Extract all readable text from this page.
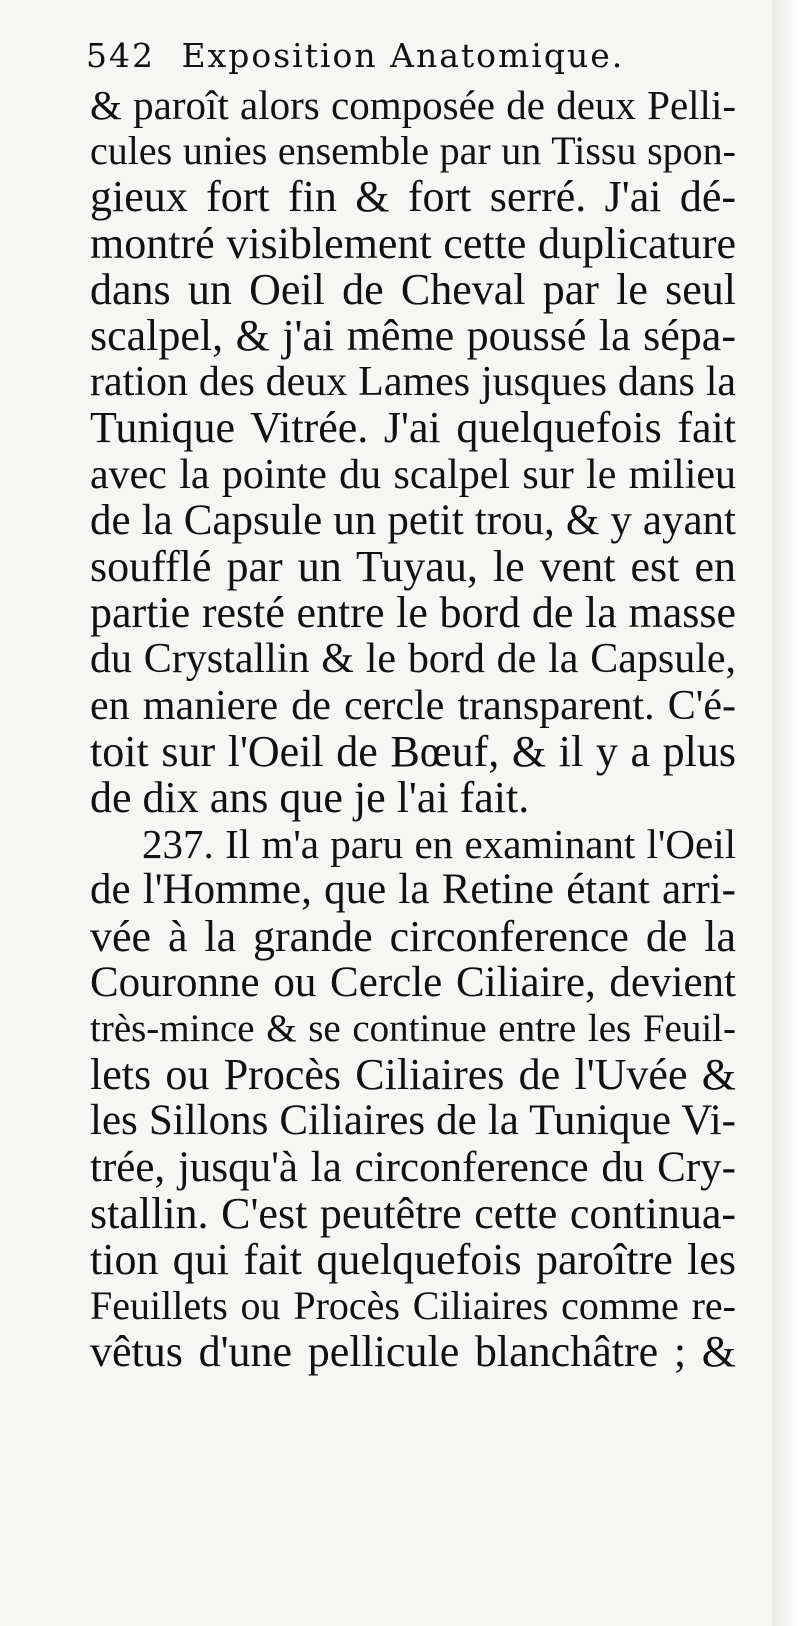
542 Exposition Anatomique.
& paroît alors composée de deux Pelli-
cules unies ensemble par un Tissu spon-
gieux fort fin & fort serré. J'ai dé-
montré visiblement cette duplicature
dans un Oeil de Cheval par le seul
scalpel, & j'ai même poussé la sépa-
ration des deux Lames jusques dans la
Tunique Vitrée. J'ai quelquefois fait
avec la pointe du scalpel sur le milieu
de la Capsule un petit trou, & y ayant
soufflé par un Tuyau, le vent est en
partie resté entre le bord de la masse
du Crystallin & le bord de la Capsule,
en maniere de cercle transparent. C'é-
toit sur l'Oeil de Bœuf, & il y a plus
de dix ans que je l'ai fait.
237. Il m'a paru en examinant l'Oeil
de l'Homme, que la Retine étant arri-
vée à la grande circonference de la
Couronne ou Cercle Ciliaire, devient
très-mince & se continue entre les Feuil-
lets ou Procès Ciliaires de l'Uvée &
les Sillons Ciliaires de la Tunique Vi-
trée, jusqu'à la circonference du Cry-
stallin. C'est peutêtre cette continua-
tion qui fait quelquefois paroître les
Feuillets ou Procès Ciliaires comme re-
vêtus d'une pellicule blanchâtre ; &
